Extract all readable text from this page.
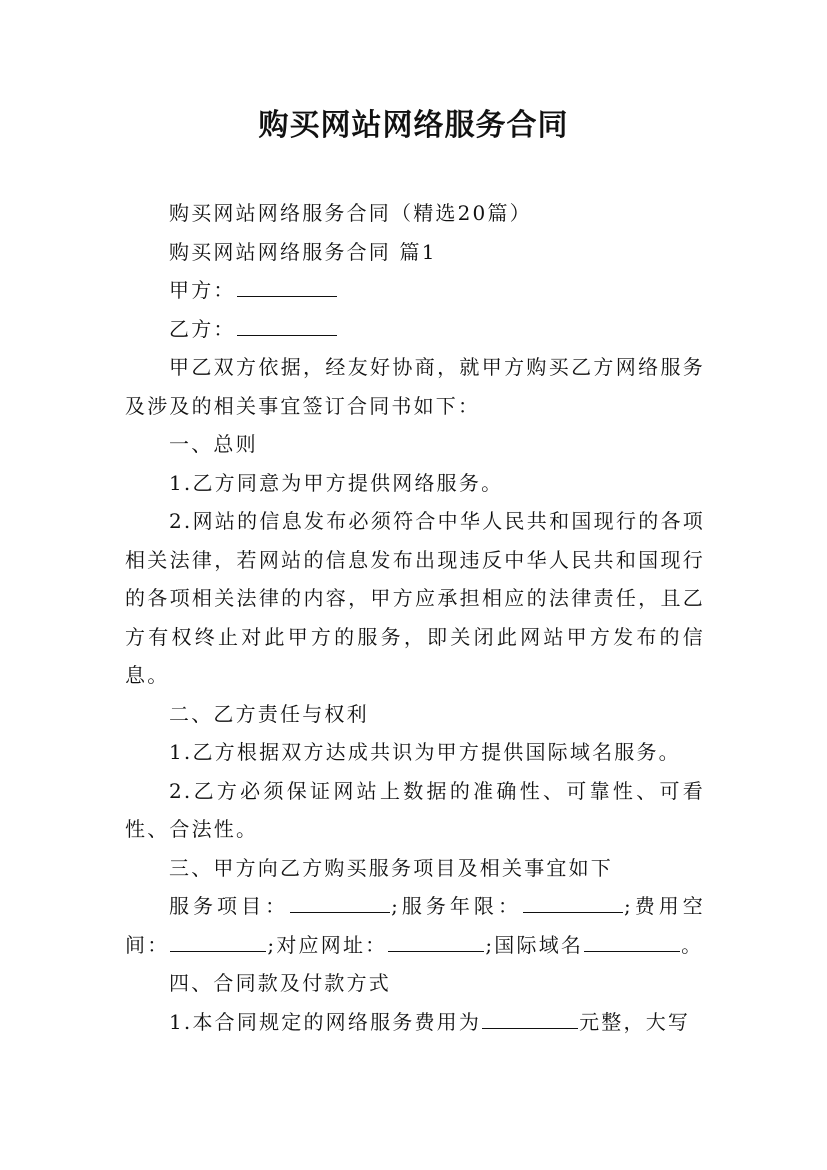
购买网站网络服务合同

购买网站网络服务合同（精选20篇）

购买网站网络服务合同 篇1

甲方：

乙方：

甲乙双方依据，经友好协商，就甲方购买乙方网络服务及涉及的相关事宜签订合同书如下：

一、总则

1.乙方同意为甲方提供网络服务。

2.网站的信息发布必须符合中华人民共和国现行的各项相关法律，若网站的信息发布出现违反中华人民共和国现行的各项相关法律的内容，甲方应承担相应的法律责任，且乙方有权终止对此甲方的服务，即关闭此网站甲方发布的信息。

二、乙方责任与权利

1.乙方根据双方达成共识为甲方提供国际域名服务。

2.乙方必须保证网站上数据的准确性、可靠性、可看性、合法性。

三、甲方向乙方购买服务项目及相关事宜如下

服务项目：	;服务年限：	;费用空间：	;对应网址：	;国际域名	。

四、合同款及付款方式

1.本合同规定的网络服务费用为	元整，大写
